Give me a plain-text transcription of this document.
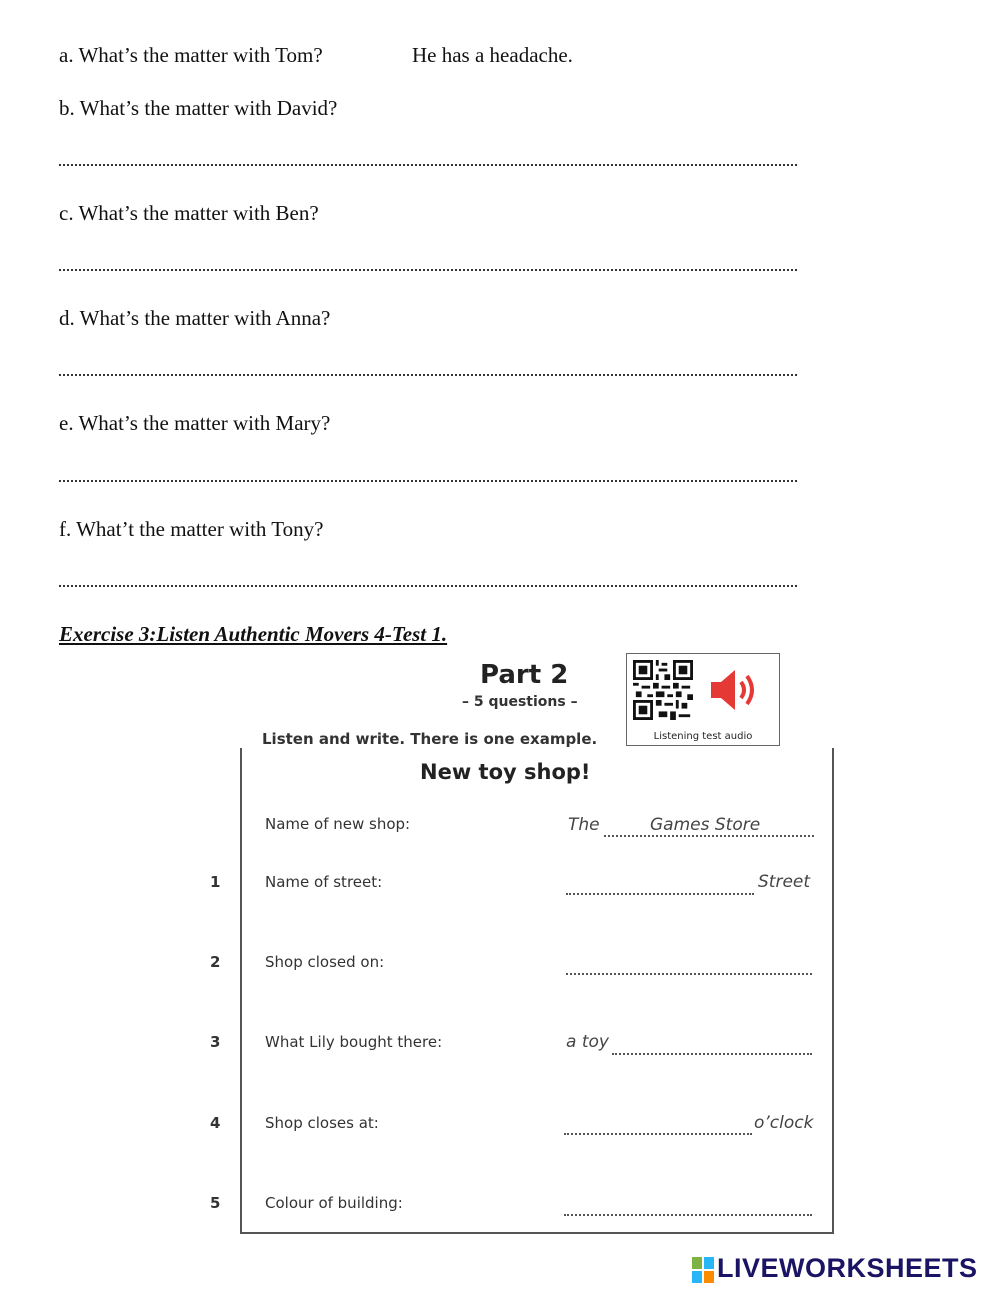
a. What’s the matter with Tom?	He has a headache.
b. What’s the matter with David?
c. What’s the matter with Ben?
d. What’s the matter with Anna?
e. What’s the matter with Mary?
f. What’t the matter with Tony?
Exercise 3:Listen Authentic Movers 4-Test 1.
Part 2
– 5 questions –
Listening test audio
Listen and write. There is one example.
New toy shop!
Name of new shop:	The	Games Store
1	Name of street:	Street
2	Shop closed on:
3	What Lily bought there:	a toy
4	Shop closes at:	o’clock
5	Colour of building:
LIVEWORKSHEETS
